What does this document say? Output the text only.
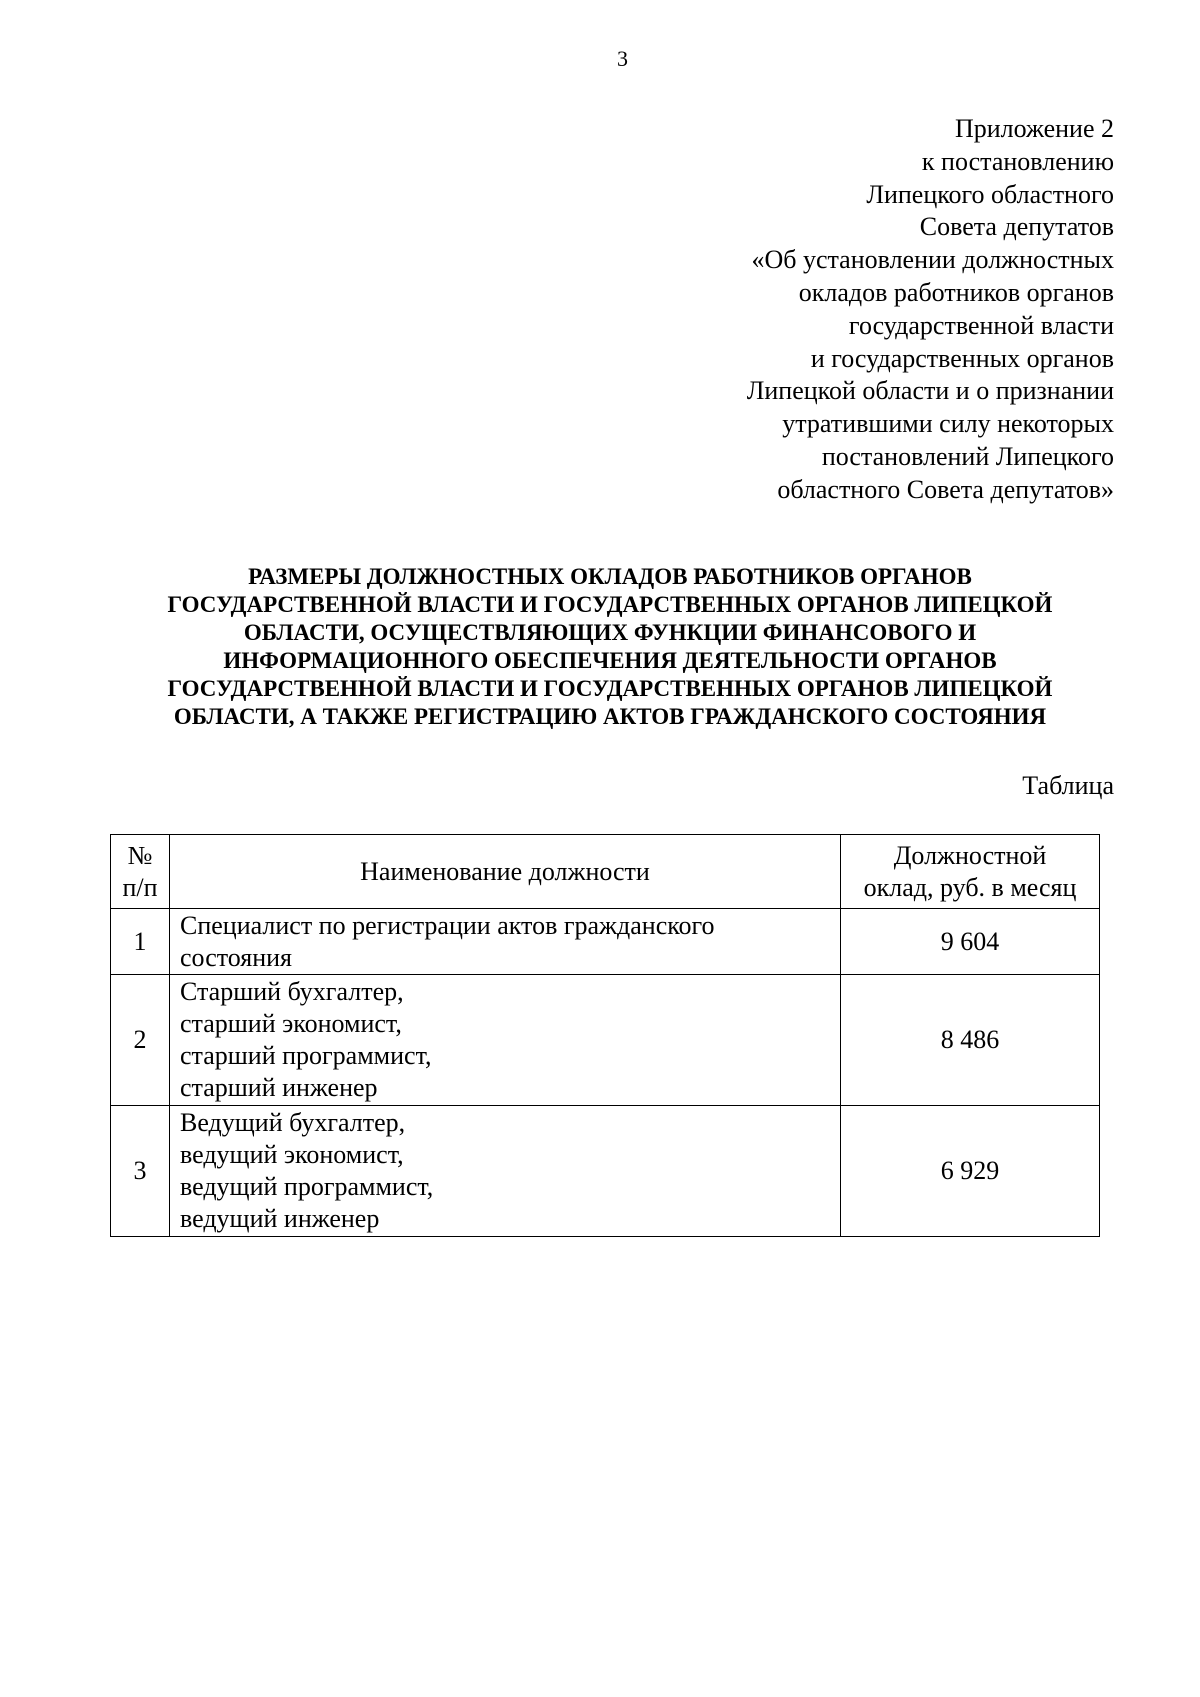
3
Приложение 2
к постановлению
Липецкого областного
Совета депутатов
«Об установлении должностных
окладов работников органов
государственной власти
и государственных органов
Липецкой области и о признании
утратившими силу некоторых
постановлений Липецкого
областного Совета депутатов»
РАЗМЕРЫ ДОЛЖНОСТНЫХ ОКЛАДОВ РАБОТНИКОВ ОРГАНОВ
ГОСУДАРСТВЕННОЙ ВЛАСТИ И ГОСУДАРСТВЕННЫХ ОРГАНОВ ЛИПЕЦКОЙ
ОБЛАСТИ, ОСУЩЕСТВЛЯЮЩИХ ФУНКЦИИ ФИНАНСОВОГО И
ИНФОРМАЦИОННОГО ОБЕСПЕЧЕНИЯ ДЕЯТЕЛЬНОСТИ ОРГАНОВ
ГОСУДАРСТВЕННОЙ ВЛАСТИ И ГОСУДАРСТВЕННЫХ ОРГАНОВ ЛИПЕЦКОЙ
ОБЛАСТИ, А ТАКЖЕ РЕГИСТРАЦИЮ АКТОВ ГРАЖДАНСКОГО СОСТОЯНИЯ
Таблица
№
п/п	Наименование должности	Должностной
оклад, руб. в месяц

1	Специалист по регистрации актов гражданского
состояния	9 604
2	Старший бухгалтер,
старший экономист,
старший программист,
старший инженер	8 486
3	Ведущий бухгалтер,
ведущий экономист,
ведущий программист,
ведущий инженер	6 929
